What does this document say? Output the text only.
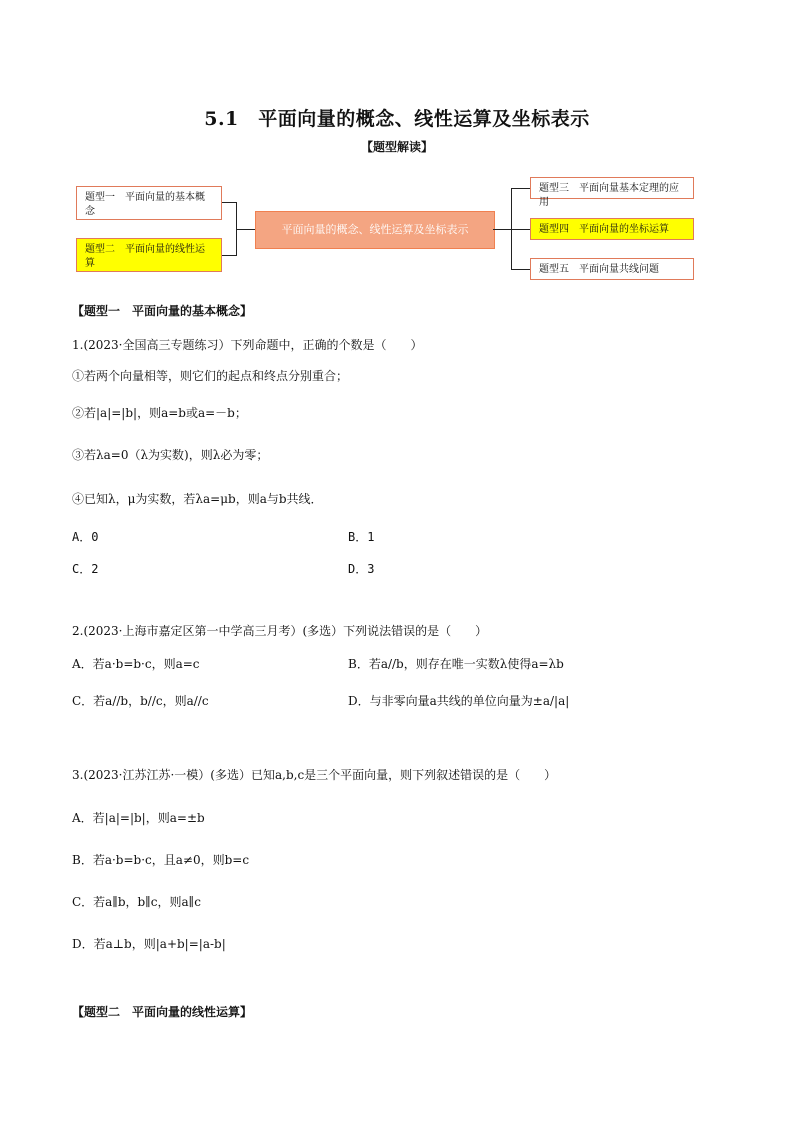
5.1　平面向量的概念、线性运算及坐标表示
【题型解读】
题型一　平面向量的基本概念
题型二　平面向量的线性运算
平面向量的概念、线性运算及坐标表示
题型三　平面向量基本定理的应用
题型四　平面向量的坐标运算
题型五　平面向量共线问题
【题型一　平面向量的基本概念】
1.(2023·全国高三专题练习）下列命题中，正确的个数是（　　）
①若两个向量相等，则它们的起点和终点分别重合；
②若|a|=|b|，则a=b或a=－b；
③若λa=0（λ为实数)，则λ必为零；
④已知λ，μ为实数，若λa=μb，则a与b共线．
A．0	B．1
C．2	D．3
2.(2023·上海市嘉定区第一中学高三月考）(多选）下列说法错误的是（　　）
A．若a·b=b·c，则a=c	B．若a//b，则存在唯一实数λ使得a=λb
C．若a//b，b//c，则a//c	D．与非零向量a共线的单位向量为±a/|a|
3.(2023·江苏江苏·一模）(多选）已知a,b,c是三个平面向量，则下列叙述错误的是（　　）
A．若|a|=|b|，则a=±b
B．若a·b=b·c，且a≠0，则b=c
C．若a∥b，b∥c，则a∥c
D．若a⊥b，则|a+b|=|a-b|
【题型二　平面向量的线性运算】
